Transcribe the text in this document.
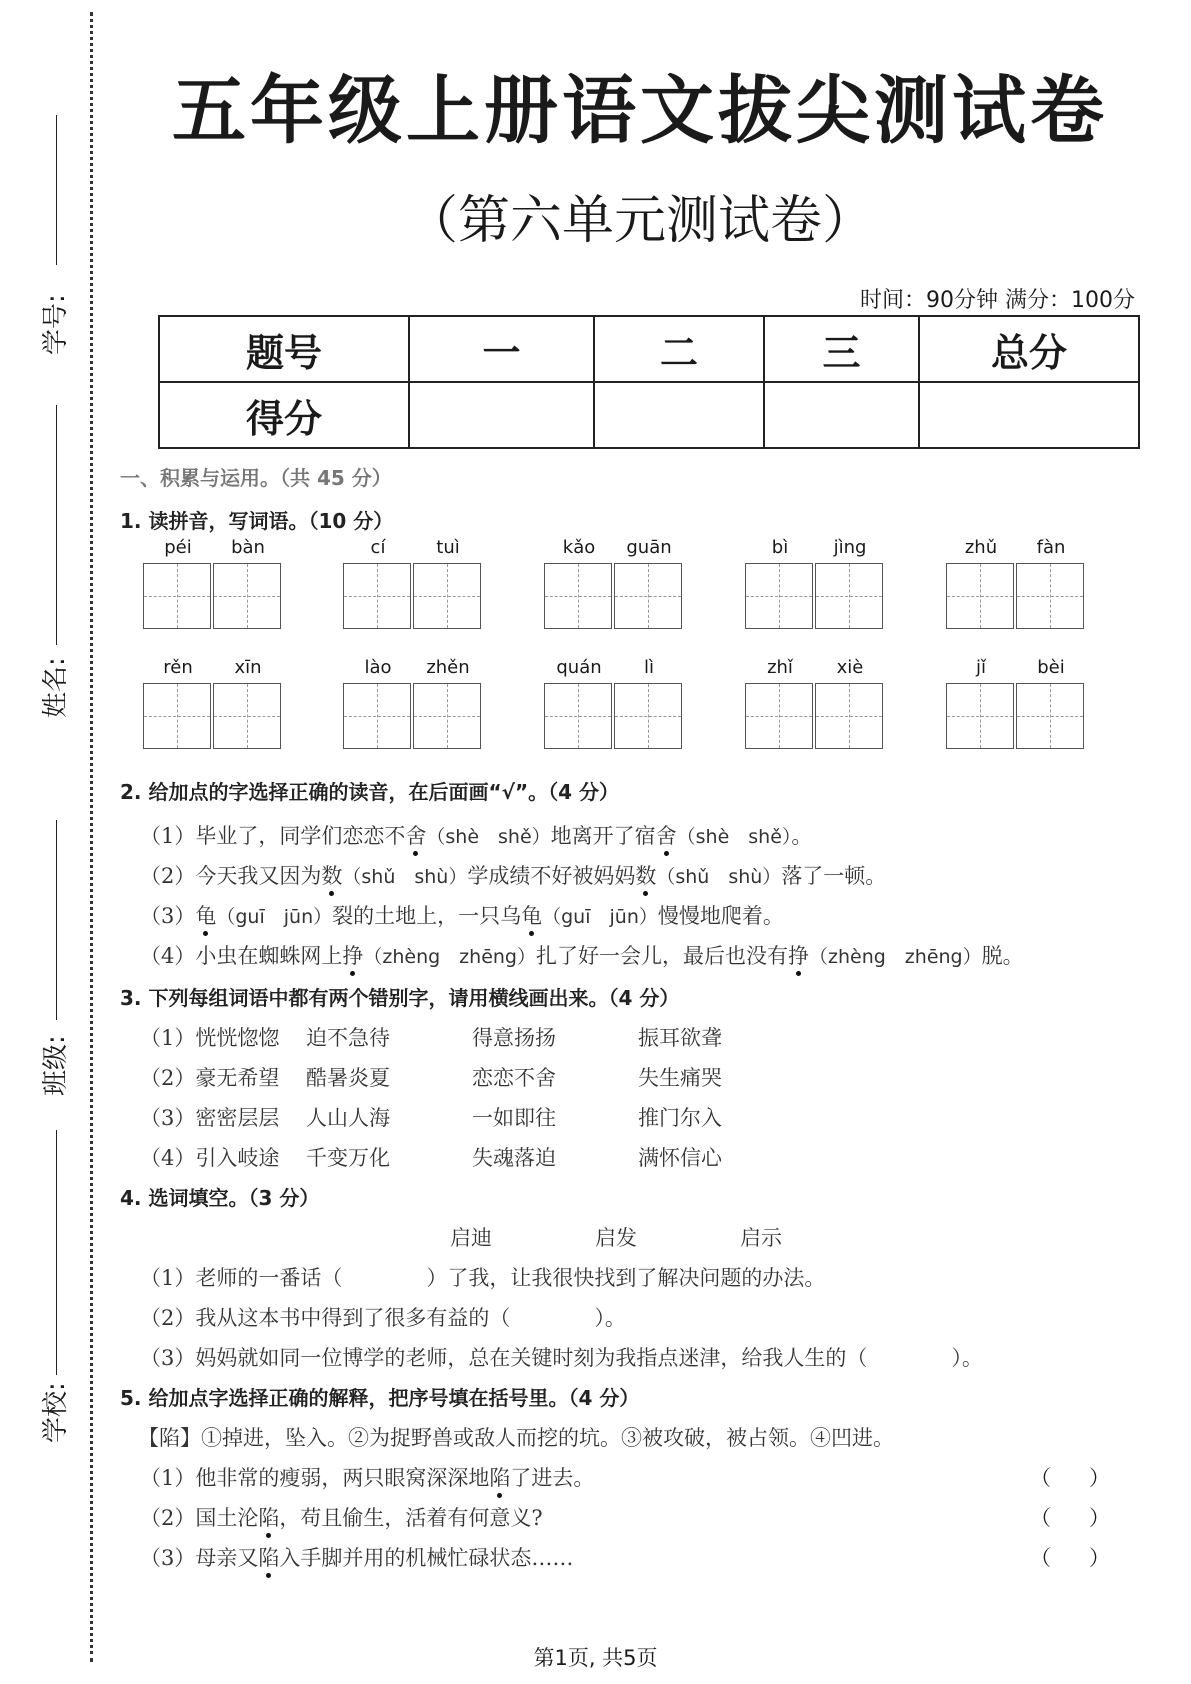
学号:
姓名:
班级:
学校:
五年级上册语文拔尖测试卷
（第六单元测试卷）
时间：90分钟 满分：100分
题号	一	二	三	总分
得分				
一、积累与运用。（共 45 分）
1. 读拼音，写词语。（10 分）
péi	bàn	cí	tuì	kǎo	guān	bì	jìng	zhǔ	fàn
rěn	xīn	lào	zhěn	quán	lì	zhǐ	xiè	jǐ	bèi
2. 给加点的字选择正确的读音，在后面画“√”。（4 分）
（1）毕业了，同学们恋恋不舍（shè　shě）地离开了宿舍（shè　shě）。
（2）今天我又因为数（shǔ　shù）学成绩不好被妈妈数（shǔ　shù）落了一顿。
（3）龟（guī　jūn）裂的土地上，一只乌龟（guī　jūn）慢慢地爬着。
（4）小虫在蜘蛛网上挣（zhèng　zhēng）扎了好一会儿，最后也没有挣（zhèng　zhēng）脱。
3. 下列每组词语中都有两个错别字，请用横线画出来。（4 分）
（1）恍恍惚惚 迫不急待	得意扬扬	振耳欲聋
（2）豪无希望 酷暑炎夏	恋恋不舍	失生痛哭
（3）密密层层 人山人海	一如即往	推门尔入
（4）引入岐途 千变万化	失魂落迫	满怀信心
4. 选词填空。（3 分）
启迪	启发	启示
（1）老师的一番话（　　　　）了我，让我很快找到了解决问题的办法。
（2）我从这本书中得到了很多有益的（　　　　）。
（3）妈妈就如同一位博学的老师，总在关键时刻为我指点迷津，给我人生的（　　　　）。
5. 给加点字选择正确的解释，把序号填在括号里。（4 分）
【陷】①掉进，坠入。②为捉野兽或敌人而挖的坑。③被攻破，被占领。④凹进。
（1）他非常的瘦弱，两只眼窝深深地陷了进去。	（）
（2）国土沦陷，苟且偷生，活着有何意义?	（）
（3）母亲又陷入手脚并用的机械忙碌状态……	（）
第1页, 共5页
